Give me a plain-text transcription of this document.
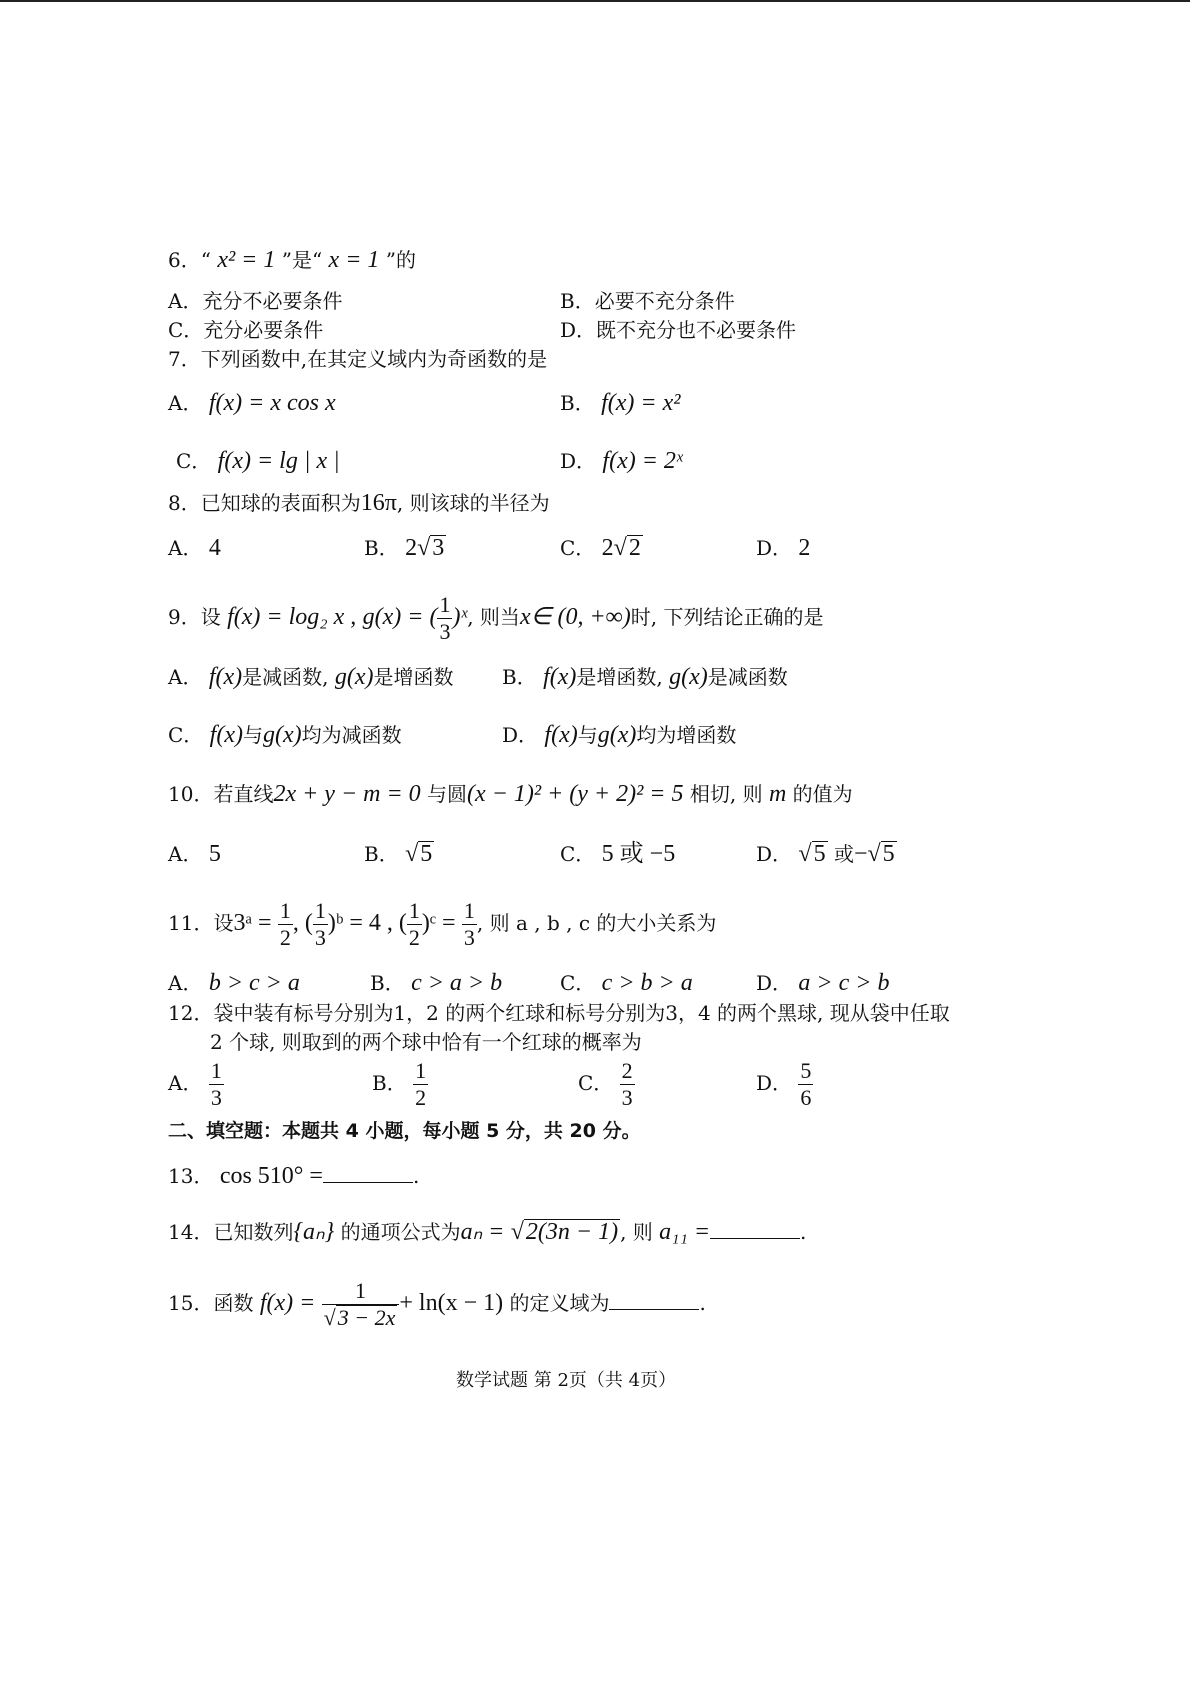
6．“ x² = 1 ”是“ x = 1 ”的
A．充分不必要条件	B．必要不充分条件
C．充分必要条件	D．既不充分也不必要条件
7．下列函数中,在其定义域内为奇函数的是
A． f(x) = x cos x	B． f(x) = x²
C． f(x) = lg | x |	D． f(x) = 2ˣ
8．已知球的表面积为16π, 则该球的半径为
A． 4	B． 2√3	C． 2√2	D． 2
9．设 f(x) = log₂ x , g(x) = ( $\frac{1}{3}$ )ˣ, 则当x∈ (0, +∞)时, 下列结论正确的是
A． f(x)是减函数, g(x)是增函数 B． f(x)是增函数, g(x)是减函数
C． f(x)与g(x)均为减函数	D． f(x)与g(x)均为增函数
10．若直线2x + y − m = 0 与圆(x − 1)² + (y + 2)² = 5 相切, 则 m 的值为
A． 5	B． √5	C． 5 或 −5	D． √5 或−√5
11．设3ᵃ = $\frac{1}{2}$ , ( $\frac{1}{3}$ )ᵇ = 4 , ( $\frac{1}{2}$ )ᶜ = $\frac{1}{3}$ , 则 a , b , c 的大小关系为
A． b > c > a	B． c > a > b	C． c > b > a	D． a > c > b
12．袋中装有标号分别为1，2 的两个红球和标号分别为3，4 的两个黑球, 现从袋中任取
2 个球, 则取到的两个球中恰有一个红球的概率为
A． $\frac{1}{3}$	B． $\frac{1}{2}$	C． $\frac{2}{3}$	D． $\frac{5}{6}$
二、填空题：本题共 4 小题，每小题 5 分，共 20 分。
13． cos 510° =	.
14．已知数列{aₙ} 的通项公式为aₙ = √2(3n − 1) , 则 a₁₁ =	.
15．函数 $f(x) = \frac{1}{√3 - 2x} + \ln(x - 1)$ 的定义域为	.
数学试题 第 2页（共 4页）
